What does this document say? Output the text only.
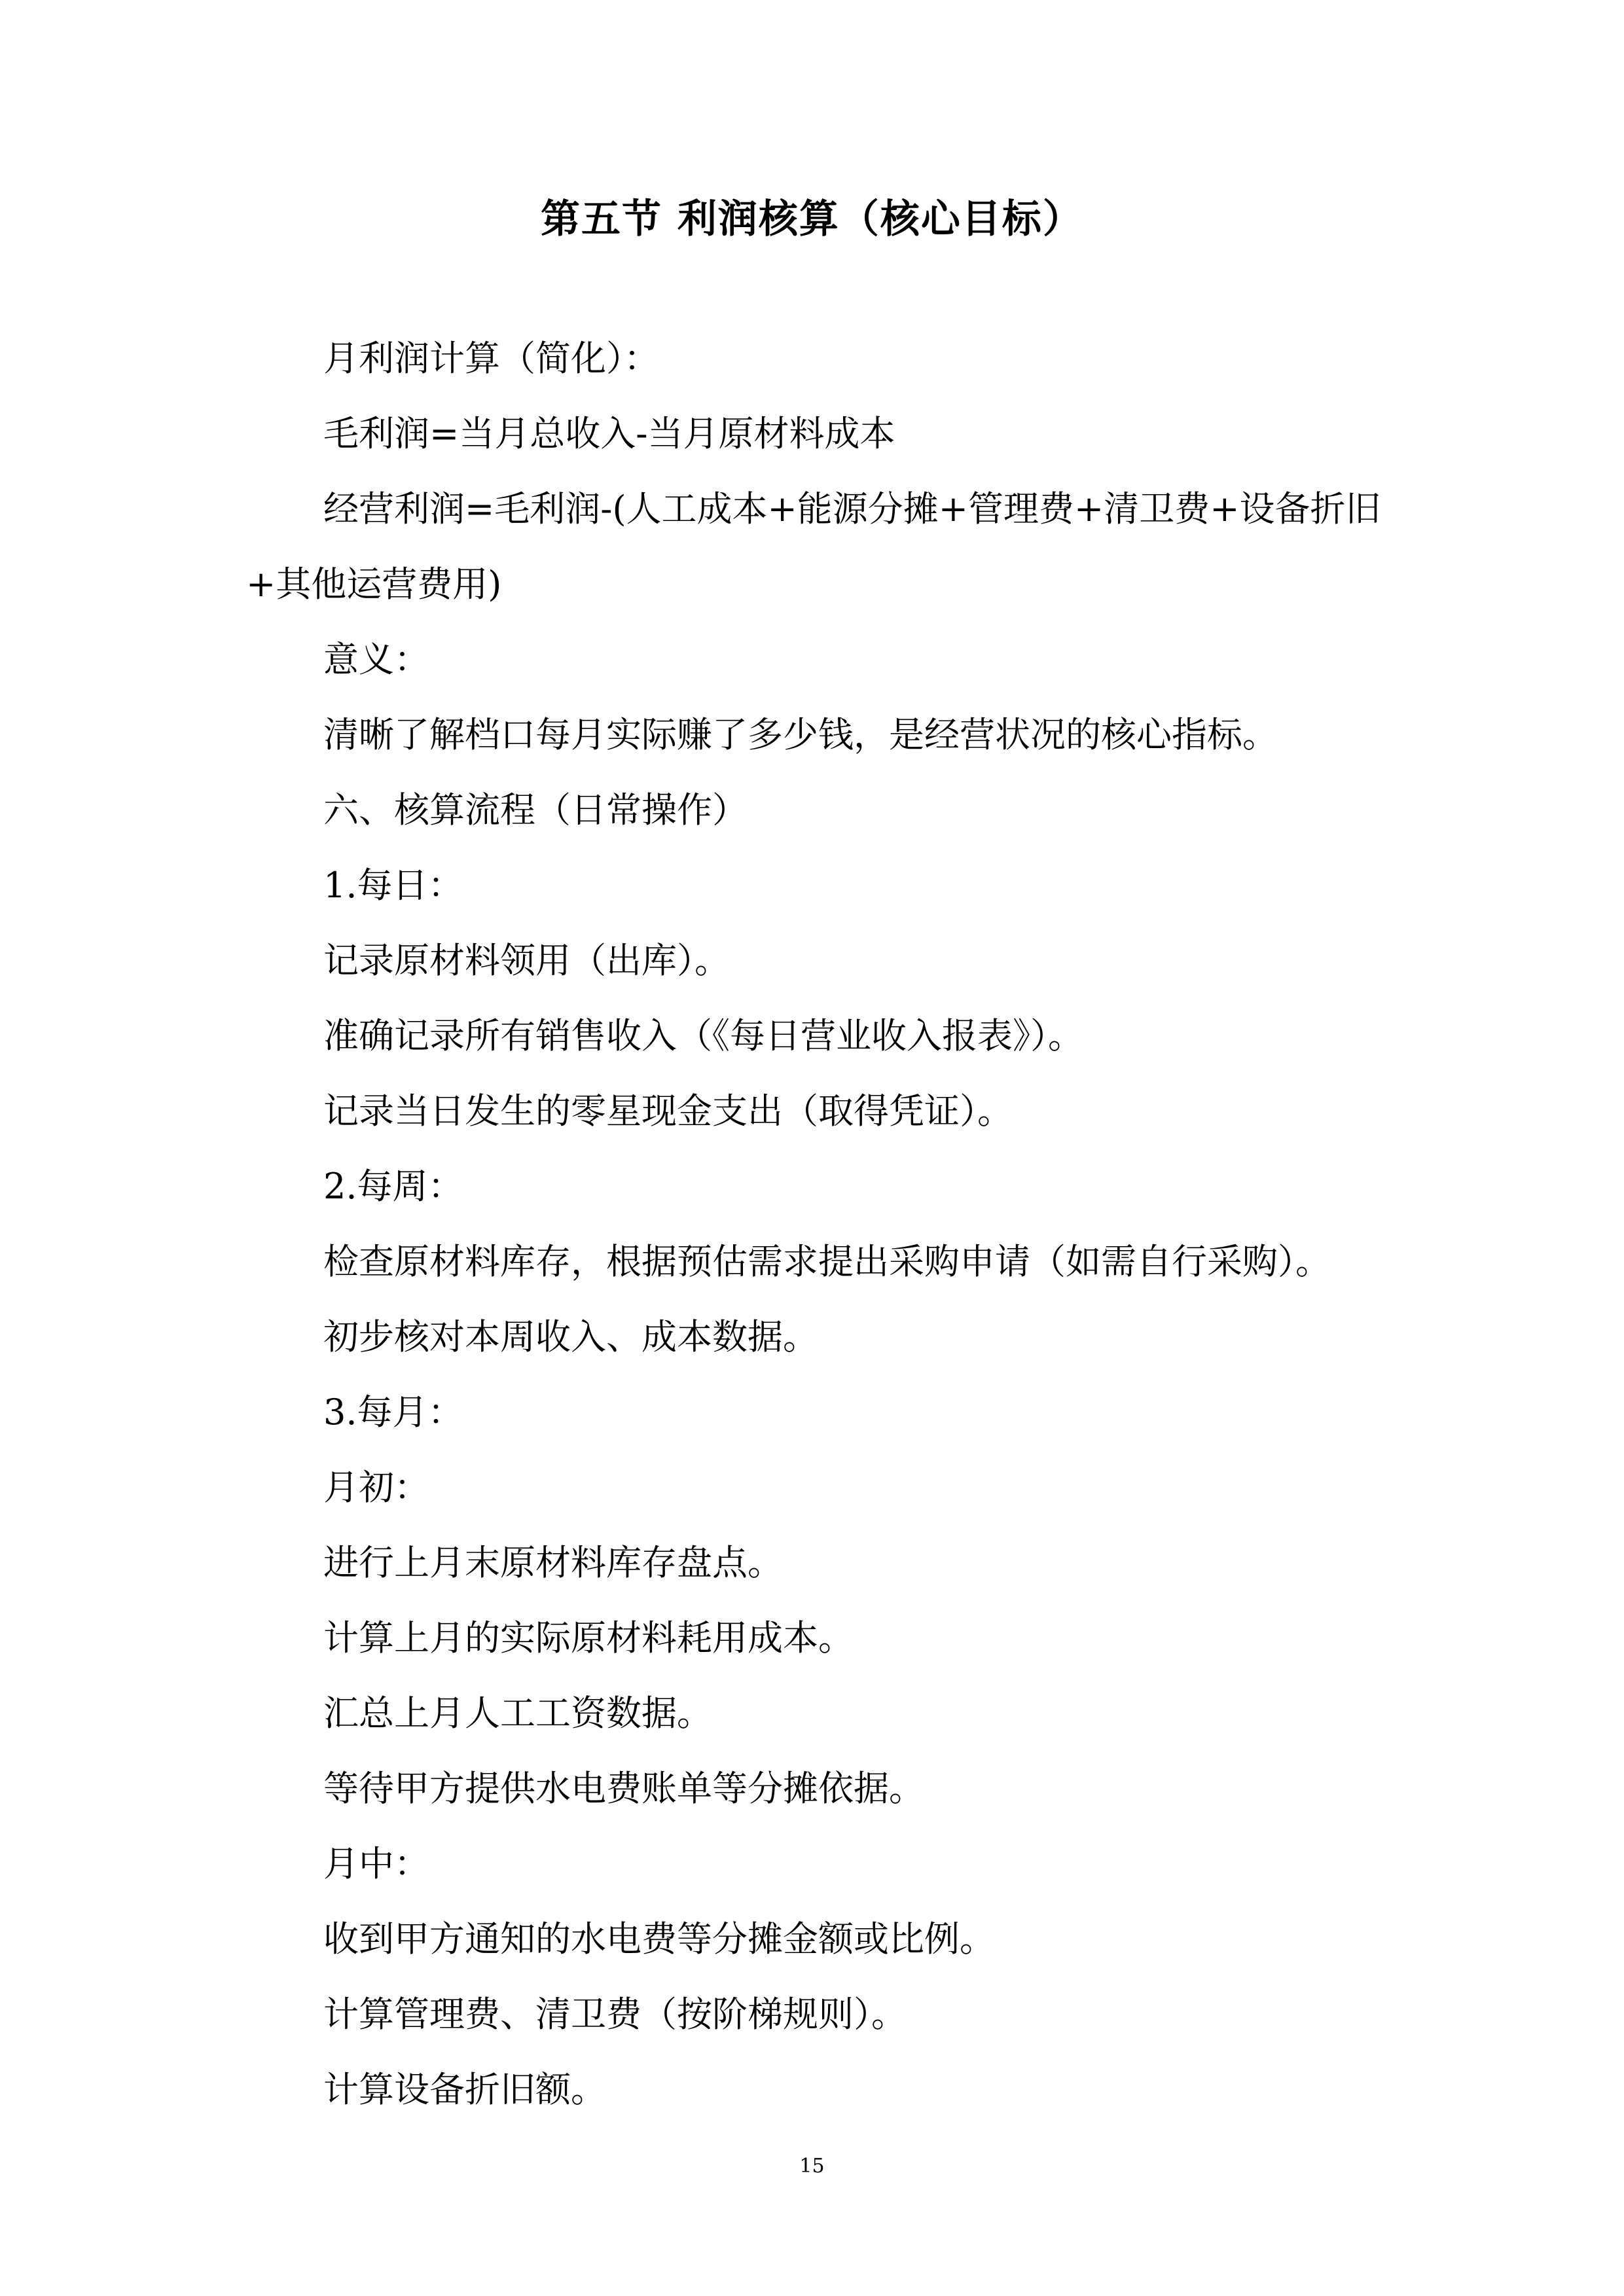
第五节 利润核算（核心目标）

月利润计算（简化）：

毛利润=当月总收入-当月原材料成本

经营利润=毛利润-(人工成本+能源分摊+管理费+清卫费+设备折旧+其他运营费用)

意义：

清晰了解档口每月实际赚了多少钱，是经营状况的核心指标。

六、核算流程（日常操作）

1.每日：

记录原材料领用（出库）。

准确记录所有销售收入（《每日营业收入报表》）。

记录当日发生的零星现金支出（取得凭证）。

2.每周：

检查原材料库存，根据预估需求提出采购申请（如需自行采购）。

初步核对本周收入、成本数据。

3.每月：

月初：

进行上月末原材料库存盘点。

计算上月的实际原材料耗用成本。

汇总上月人工工资数据。

等待甲方提供水电费账单等分摊依据。

月中：

收到甲方通知的水电费等分摊金额或比例。

计算管理费、清卫费（按阶梯规则）。

计算设备折旧额。

15
